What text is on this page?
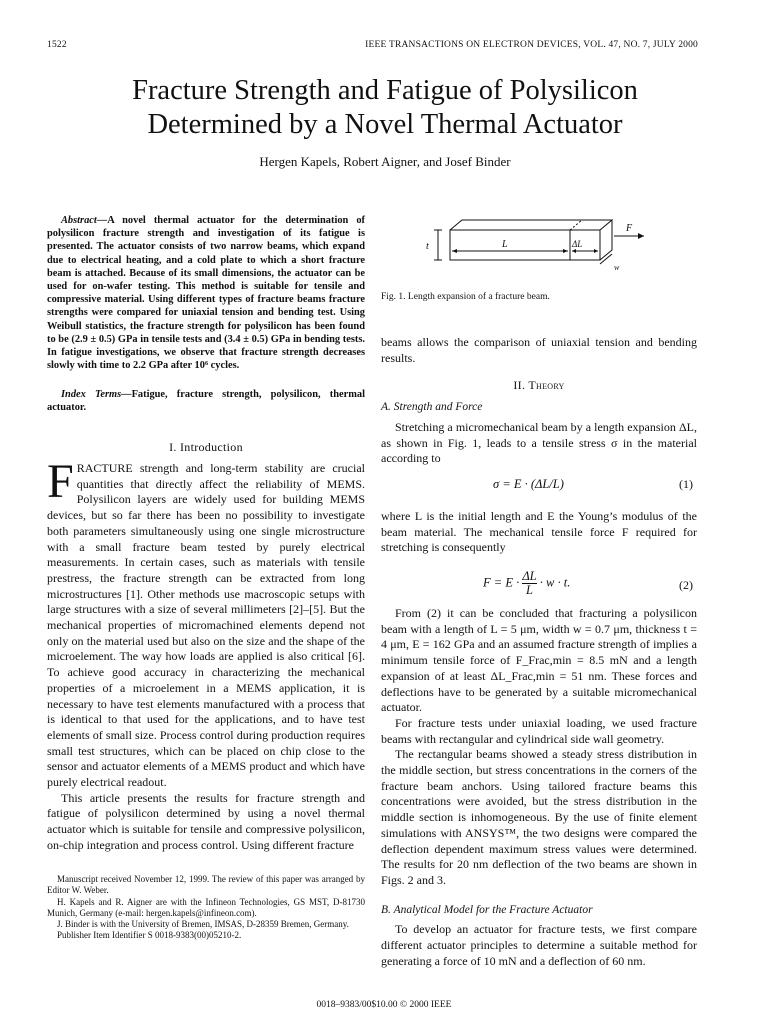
1522	IEEE TRANSACTIONS ON ELECTRON DEVICES, VOL. 47, NO. 7, JULY 2000
Fracture Strength and Fatigue of Polysilicon
Determined by a Novel Thermal Actuator
Hergen Kapels, Robert Aigner, and Josef Binder

Abstract—A novel thermal actuator for the determination of polysilicon fracture strength and investigation of its fatigue is presented. The actuator consists of two narrow beams, which expand due to electrical heating, and a cold plate to which a short fracture beam is attached. Because of its small dimensions, the actuator can be used for on-wafer testing. This method is suitable for tensile and compressive material. Using different types of fracture beams fracture strengths were compared for uniaxial tension and bending test. Using Weibull statistics, the fracture strength for polysilicon has been found to be (2.9 ± 0.5) GPa in tensile tests and (3.4 ± 0.5) GPa in bending tests. In fatigue investigations, we observe that fracture strength decreases slowly with time to 2.2 GPa after 10⁶ cycles.

Index Terms—Fatigue, fracture strength, polysilicon, thermal actuator.

I. Introduction

FRACTURE strength and long-term stability are crucial quantities that directly affect the reliability of MEMS. Polysilicon layers are widely used for building MEMS devices, but so far there has been no possibility to investigate both parameters simultaneously using one single microstructure with a small fracture beam tested by purely electrical measurements. In certain cases, such as materials with tensile prestress, the fracture strength can be extracted from long microstructures [1]. Other methods use macroscopic setups with large structures with a size of several millimeters [2]–[5]. But the mechanical properties of micromachined elements depend not only on the material used but also on the size and the shape of the microelement. The way how loads are applied is also critical [6]. To achieve good accuracy in characterizing the mechanical properties of a microelement in a MEMS application, it is necessary to have test elements manufactured with a process that is identical to that used for the applications, and to have test elements of small size. Process control during production requires small test structures, which can be placed on chip close to the sensor and actuator elements of a MEMS product and which have purely electrical readout.

This article presents the results for fracture strength and fatigue of polysilicon determined by using a novel thermal actuator which is suitable for tensile and compressive polysilicon, on-chip integration and process control. Using different fracture

Manuscript received November 12, 1999. The review of this paper was arranged by Editor W. Weber.

H. Kapels and R. Aigner are with the Infineon Technologies, GS MST, D-81730 Munich, Germany (e-mail: hergen.kapels@infineon.com).

J. Binder is with the University of Bremen, IMSAS, D-28359 Bremen, Germany.

Publisher Item Identifier S 0018-9383(00)05210-2.

t	L	ΔL
F
w
Fig. 1. Length expansion of a fracture beam.

beams allows the comparison of uniaxial tension and bending results.

II. Theory
A. Strength and Force

Stretching a micromechanical beam by a length expansion ΔL, as shown in Fig. 1, leads to a tensile stress σ in the material according to

σ = E · (ΔL/L)	(1)

where L is the initial length and E the Young’s modulus of the beam material. The mechanical tensile force F required for stretching is consequently

$F = E \cdot \frac{\Delta L}{L} \cdot w \cdot t$.	(2)

From (2) it can be concluded that fracturing a polysilicon beam with a length of L = 5 μm, width w = 0.7 μm, thickness t = 4 μm, E = 162 GPa and an assumed fracture strength of implies a minimum tensile force of F_Frac,min = 8.5 mN and a length expansion of at least ΔL_Frac,min = 51 nm. These forces and deflections have to be generated by a suitable micromechanical actuator.

For fracture tests under uniaxial loading, we used fracture beams with rectangular and cylindrical side wall geometry.

The rectangular beams showed a steady stress distribution in the middle section, but stress concentrations in the corners of the fracture beam anchors. Using tailored fracture beams this concentrations were avoided, but the stress distribution in the middle section is inhomogeneous. By the use of finite element simulations with ANSYS™, the two designs were compared the deflection dependent maximum stress values were determined. The results for 20 nm deflection of the two beams are shown in Figs. 2 and 3.

B. Analytical Model for the Fracture Actuator

To develop an actuator for fracture tests, we first compare different actuator principles to determine a suitable method for generating a force of 10 mN and a deflection of 60 nm.

0018–9383/00$10.00 © 2000 IEEE
